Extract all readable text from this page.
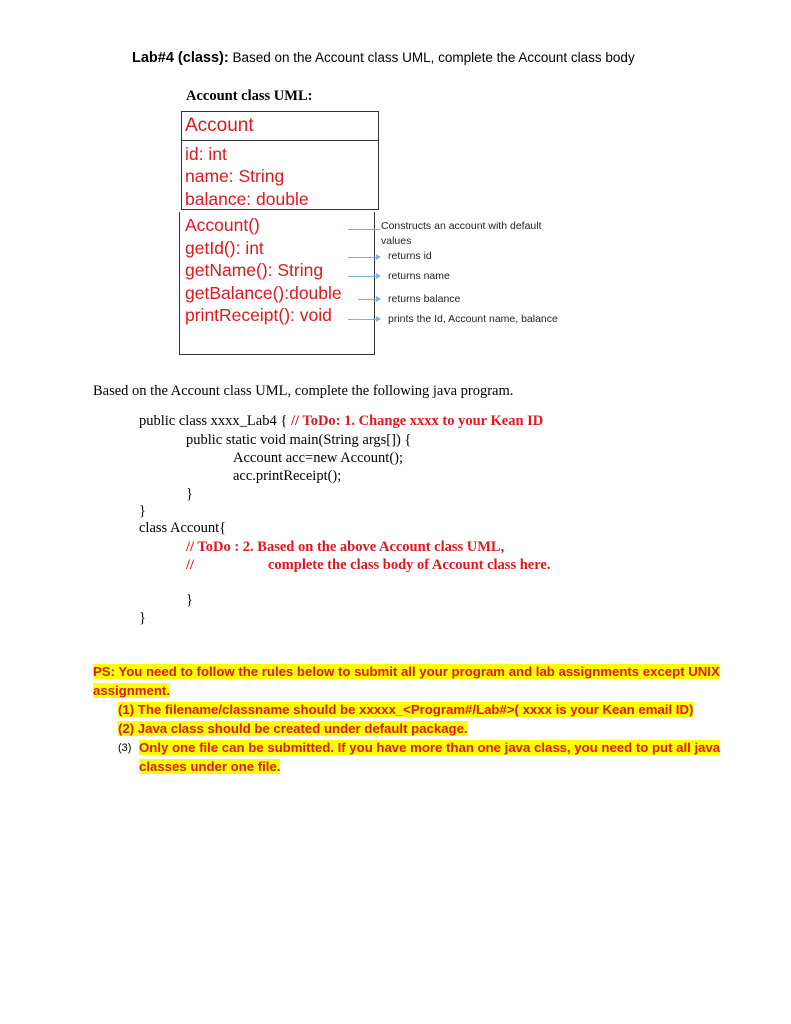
Lab#4 (class): Based on the Account class UML, complete the Account class body
Account class UML:
Account
id: int
name: String
balance: double
Account()
getId(): int
getName(): String
getBalance():double
printReceipt(): void
Constructs an account with default
values
returns id
returns name
returns balance
prints the Id, Account name, balance
Based on the Account class UML, complete the following java program.
public class xxxx_Lab4 { // ToDo: 1. Change xxxx to your Kean ID
public static void main(String args[]) {
Account acc=new Account();
acc.printReceipt();
}
}
class Account{
// ToDo : 2. Based on the above Account class UML,
//	complete the class body of Account class here.
}
}
PS: You need to follow the rules below to submit all your program and lab assignments except UNIX
assignment.
(1) The filename/classname should be xxxxx_<Program#/Lab#>( xxxx is your Kean email ID)
(2) Java class should be created under default package.
(3) Only one file can be submitted. If you have more than one java class, you need to put all java
classes under one file.
